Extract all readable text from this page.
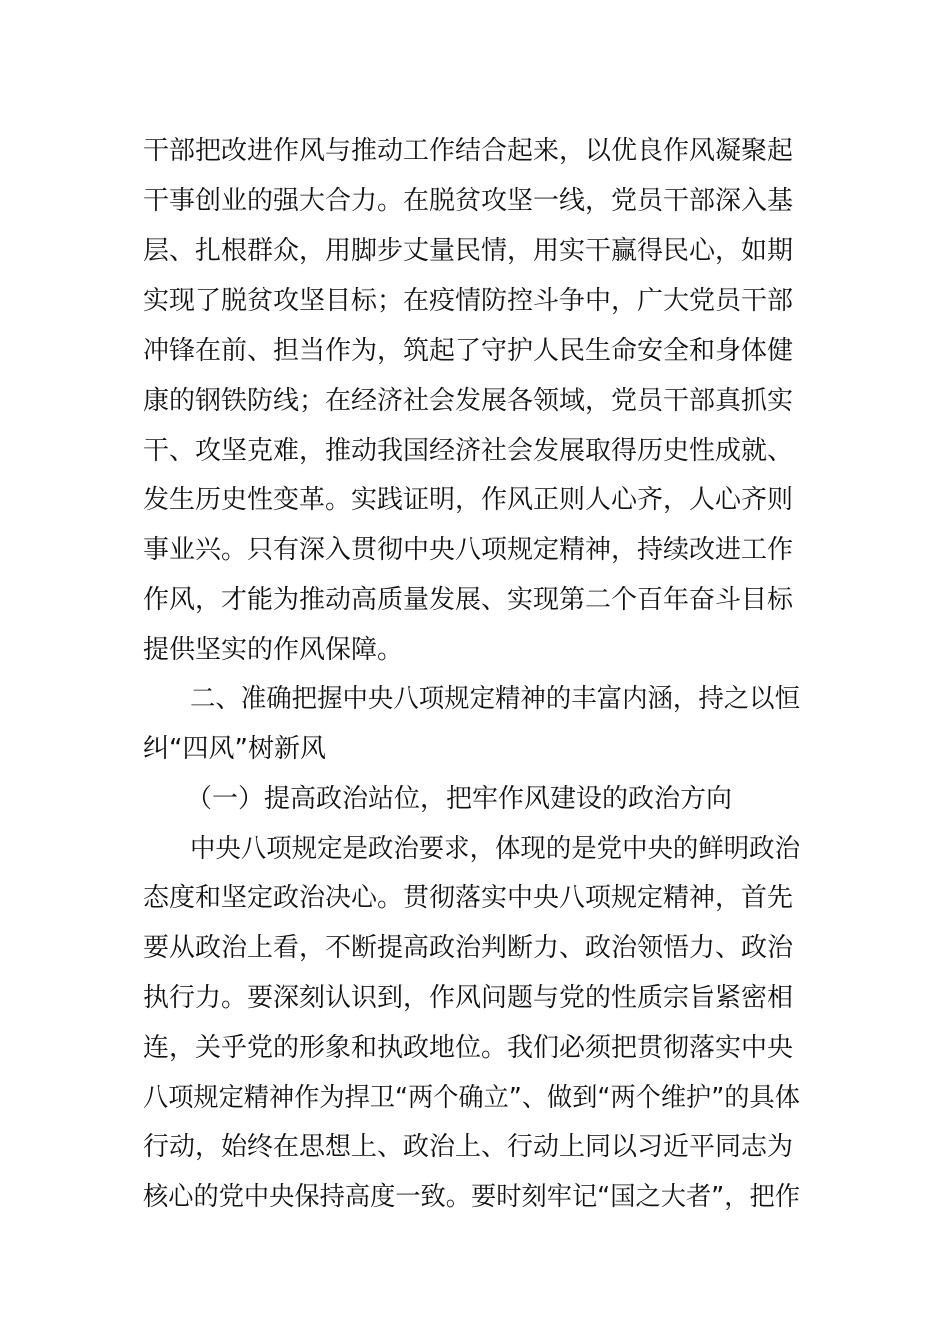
干部把改进作风与推动工作结合起来，以优良作风凝聚起

干事创业的强大合力。在脱贫攻坚一线，党员干部深入基

层、扎根群众，用脚步丈量民情，用实干赢得民心，如期

实现了脱贫攻坚目标；在疫情防控斗争中，广大党员干部

冲锋在前、担当作为，筑起了守护人民生命安全和身体健

康的钢铁防线；在经济社会发展各领域，党员干部真抓实

干、攻坚克难，推动我国经济社会发展取得历史性成就、

发生历史性变革。实践证明，作风正则人心齐，人心齐则

事业兴。只有深入贯彻中央八项规定精神，持续改进工作

作风，才能为推动高质量发展、实现第二个百年奋斗目标

提供坚实的作风保障。

二、准确把握中央八项规定精神的丰富内涵，持之以恒

纠“四风”树新风

（一）提高政治站位，把牢作风建设的政治方向

中央八项规定是政治要求，体现的是党中央的鲜明政治

态度和坚定政治决心。贯彻落实中央八项规定精神，首先

要从政治上看，不断提高政治判断力、政治领悟力、政治

执行力。要深刻认识到，作风问题与党的性质宗旨紧密相

连，关乎党的形象和执政地位。我们必须把贯彻落实中央

八项规定精神作为捍卫“两个确立”、做到“两个维护”的具体

行动，始终在思想上、政治上、行动上同以习近平同志为

核心的党中央保持高度一致。要时刻牢记“国之大者”，把作
